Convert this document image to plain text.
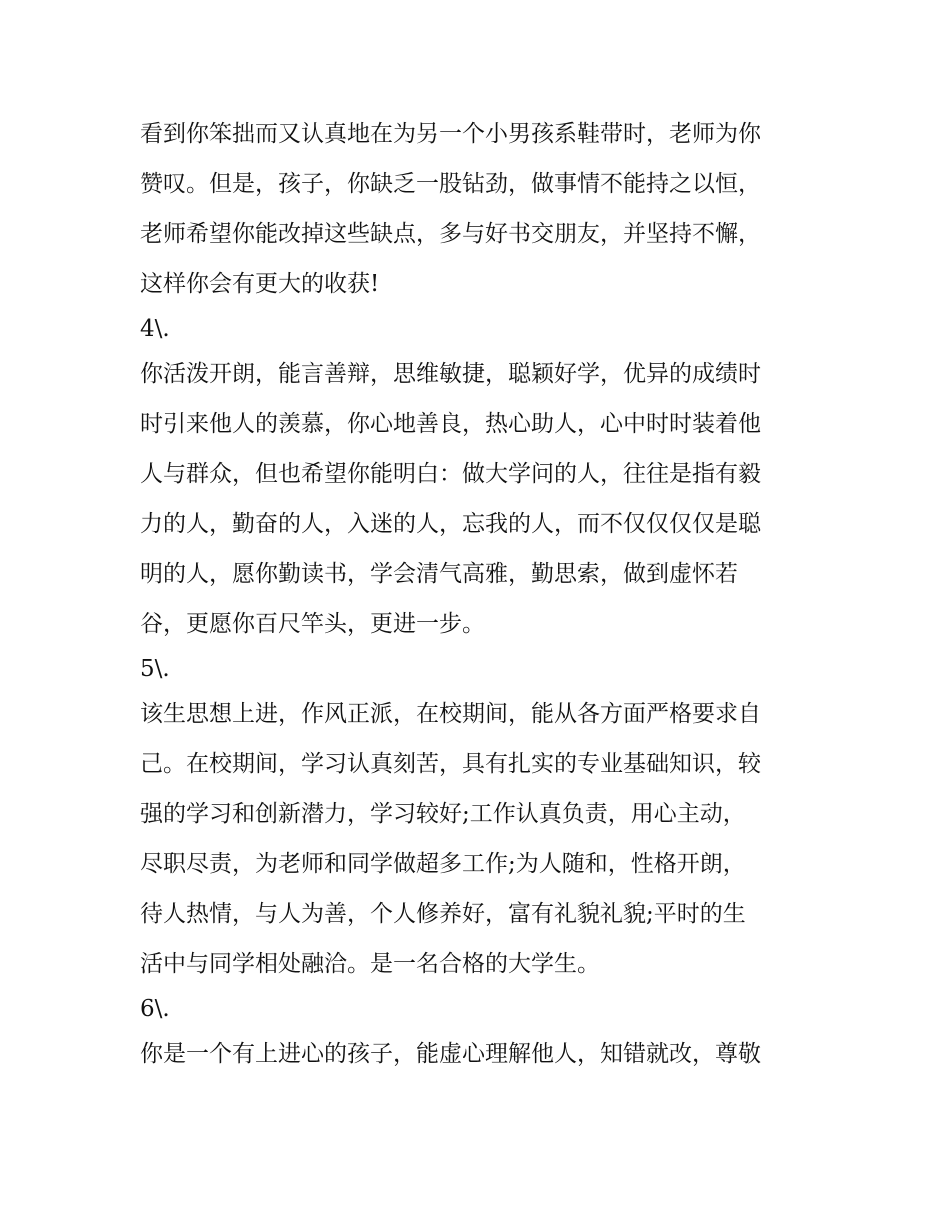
看到你笨拙而又认真地在为另一个小男孩系鞋带时，老师为你
赞叹。但是，孩子，你缺乏一股钻劲，做事情不能持之以恒，
老师希望你能改掉这些缺点，多与好书交朋友，并坚持不懈，
这样你会有更大的收获!
4\.
你活泼开朗，能言善辩，思维敏捷，聪颖好学，优异的成绩时
时引来他人的羡慕，你心地善良，热心助人，心中时时装着他
人与群众，但也希望你能明白：做大学问的人，往往是指有毅
力的人，勤奋的人，入迷的人，忘我的人，而不仅仅仅仅是聪
明的人，愿你勤读书，学会清气高雅，勤思索，做到虚怀若
谷，更愿你百尺竿头，更进一步。
5\.
该生思想上进，作风正派，在校期间，能从各方面严格要求自
己。在校期间，学习认真刻苦，具有扎实的专业基础知识，较
强的学习和创新潜力，学习较好;工作认真负责，用心主动，
尽职尽责，为老师和同学做超多工作;为人随和，性格开朗，
待人热情，与人为善，个人修养好，富有礼貌礼貌;平时的生
活中与同学相处融洽。是一名合格的大学生。
6\.
你是一个有上进心的孩子，能虚心理解他人，知错就改，尊敬
